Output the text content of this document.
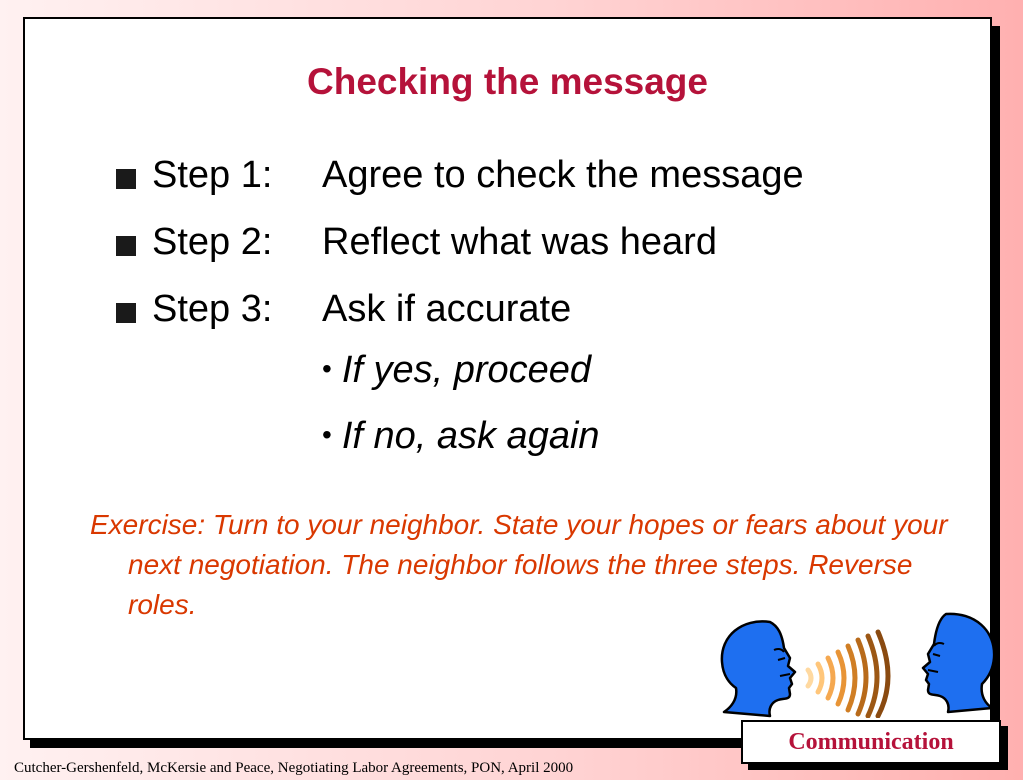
Checking the message
Step 1: Agree to check the message
Step 2: Reflect what was heard
Step 3: Ask if accurate
• If yes, proceed
• If no, ask again

Exercise: Turn to your neighbor. State your hopes or fears about your next negotiation. The neighbor follows the three steps. Reverse roles.

Communication
Cutcher-Gershenfeld, McKersie and Peace, Negotiating Labor Agreements, PON, April 2000
